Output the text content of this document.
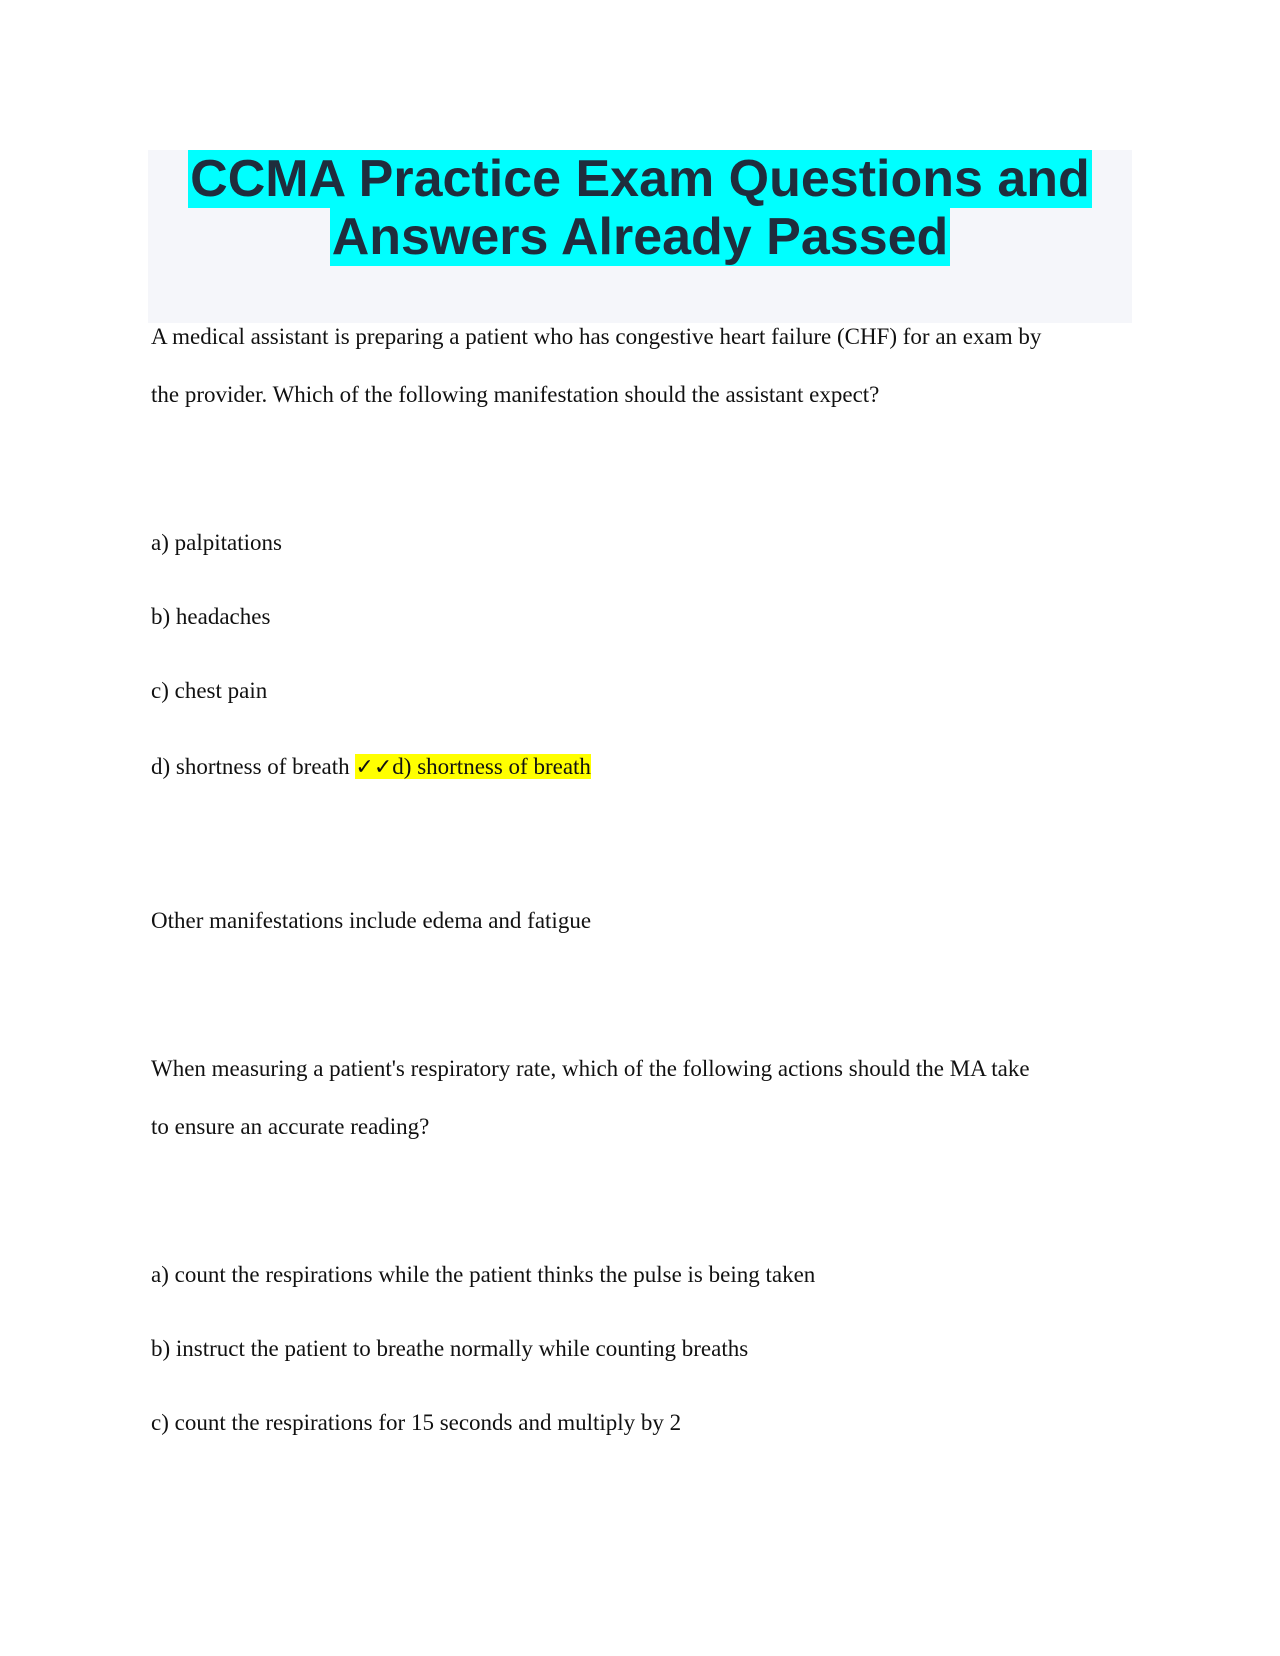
CCMA Practice Exam Questions and
Answers Already Passed
A medical assistant is preparing a patient who has congestive heart failure (CHF) for an exam by
the provider. Which of the following manifestation should the assistant expect?
a) palpitations
b) headaches
c) chest pain
d) shortness of breath ✓✓d) shortness of breath
Other manifestations include edema and fatigue
When measuring a patient's respiratory rate, which of the following actions should the MA take
to ensure an accurate reading?
a) count the respirations while the patient thinks the pulse is being taken
b) instruct the patient to breathe normally while counting breaths
c) count the respirations for 15 seconds and multiply by 2
